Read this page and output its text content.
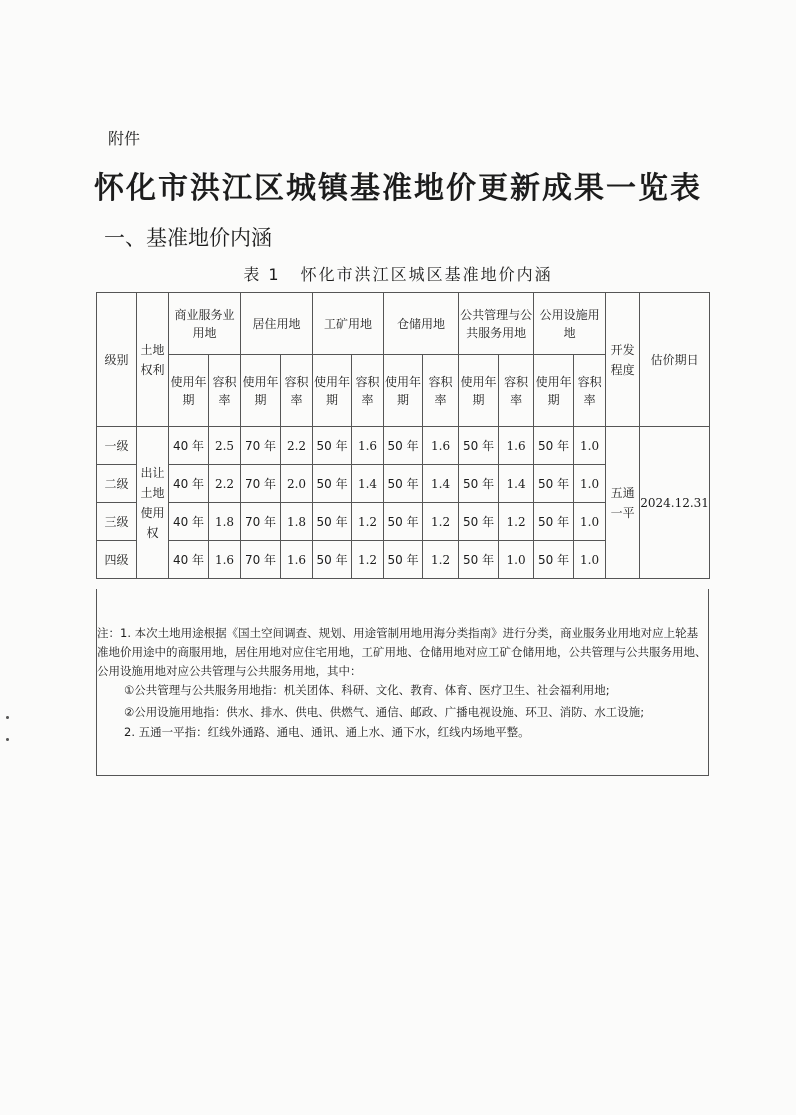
附件
怀化市洪江区城镇基准地价更新成果一览表
一、基准地价内涵
表 1 怀化市洪江区城区基准地价内涵
级别	土地权利	商业服务业用地		居住用地		工矿用地		仓储用地		公共管理与公共服务用地		公用设施用地		开发程度	估价期日
		使用年期	容积率	使用年期	容积率	使用年期	容积率	使用年期	容积率	使用年期	容积率	使用年期	容积率		
一级	出让土地使用权	40 年	2.5	70 年	2.2	50 年	1.6	50 年	1.6	50 年	1.6	50 年	1.0	五通一平	2024.12.31
二级		40 年	2.2	70 年	2.0	50 年	1.4	50 年	1.4	50 年	1.4	50 年	1.0		
三级		40 年	1.8	70 年	1.8	50 年	1.2	50 年	1.2	50 年	1.2	50 年	1.0		
四级		40 年	1.6	70 年	1.6	50 年	1.2	50 年	1.2	50 年	1.0	50 年	1.0		
注：1. 本次土地用途根据《国土空间调查、规划、用途管制用地用海分类指南》进行分类，商业服务业用地对应上轮基准地价用途中的商服用地，居住用地对应住宅用地，工矿用地、仓储用地对应工矿仓储用地，公共管理与公共服务用地、公用设施用地对应公共管理与公共服务用地，其中：
①公共管理与公共服务用地指：机关团体、科研、文化、教育、体育、医疗卫生、社会福利用地;
②公用设施用地指：供水、排水、供电、供燃气、通信、邮政、广播电视设施、环卫、消防、水工设施;
2. 五通一平指：红线外通路、通电、通讯、通上水、通下水，红线内场地平整。
